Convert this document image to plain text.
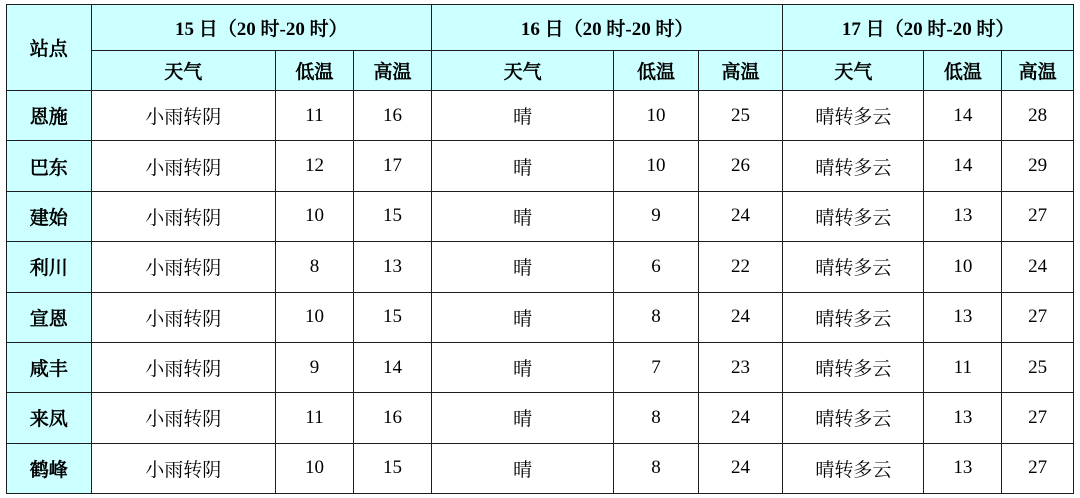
站点	15 日（20 时-20 时）			16 日（20 时-20 时）			17 日（20 时-20 时）		
	天气	低温	高温	天气	低温	高温	天气	低温	高温
恩施	小雨转阴	11	16	晴	10	25	晴转多云	14	28
巴东	小雨转阴	12	17	晴	10	26	晴转多云	14	29
建始	小雨转阴	10	15	晴	9	24	晴转多云	13	27
利川	小雨转阴	8	13	晴	6	22	晴转多云	10	24
宣恩	小雨转阴	10	15	晴	8	24	晴转多云	13	27
咸丰	小雨转阴	9	14	晴	7	23	晴转多云	11	25
来凤	小雨转阴	11	16	晴	8	24	晴转多云	13	27
鹤峰	小雨转阴	10	15	晴	8	24	晴转多云	13	27
